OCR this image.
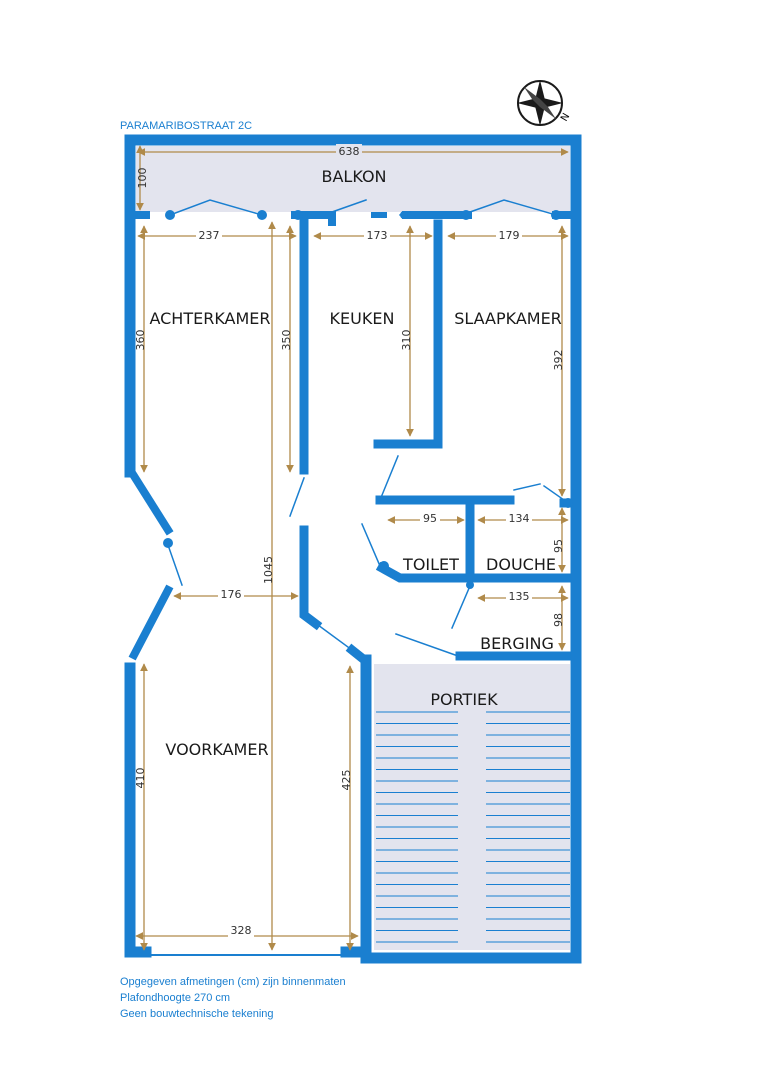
PARAMARIBOSTRAAT 2C
N
638
100
237	173	179
360	350	310
392
95	134
95
135
98
176
1045
410	425
328
BALKON
ACHTERKAMER	KEUKEN	SLAAPKAMER
TOILET DOUCHE
BERGING
PORTIEK
VOORKAMER
Opgegeven afmetingen (cm) zijn binnenmaten
Plafondhoogte 270 cm
Geen bouwtechnische tekening
